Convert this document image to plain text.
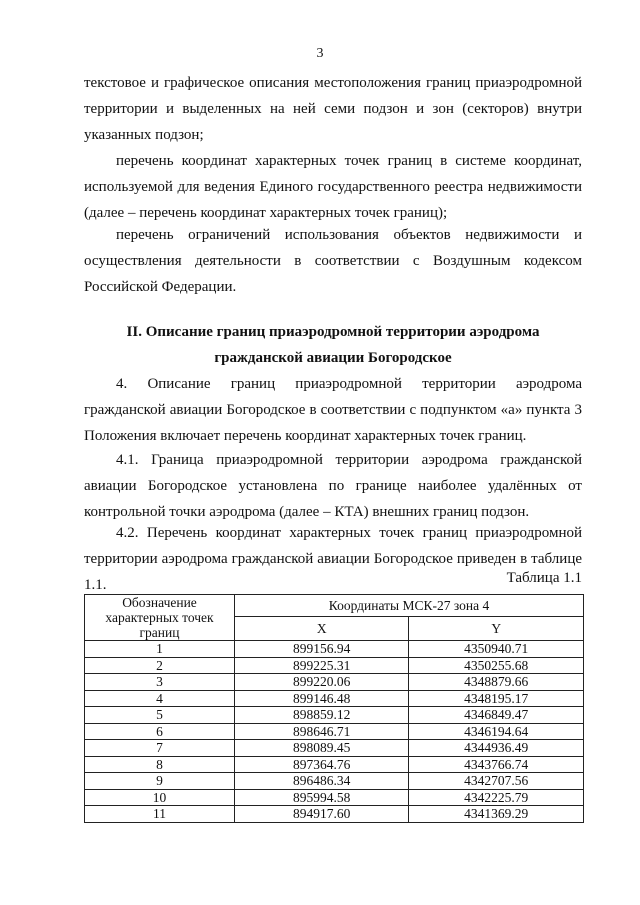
3

текстовое и графическое описания местоположения границ приаэродромной территории и выделенных на ней семи подзон и зон (секторов) внутри указанных подзон;

перечень координат характерных точек границ в системе координат, используемой для ведения Единого государственного реестра недвижимости (далее – перечень координат характерных точек границ);

перечень ограничений использования объектов недвижимости и осуществления деятельности в соответствии с Воздушным кодексом Российской Федерации.

II. Описание границ приаэродромной территории аэродрома
гражданской авиации Богородское

4. Описание границ приаэродромной территории аэродрома гражданской авиации Богородское в соответствии с подпунктом «а» пункта 3 Положения включает перечень координат характерных точек границ.

4.1. Граница приаэродромной территории аэродрома гражданской авиации Богородское установлена по границе наиболее удалённых от контрольной точки аэродрома (далее – КТА) внешних границ подзон.

4.2. Перечень координат характерных точек границ приаэродромной территории аэродрома гражданской авиации Богородское приведен в таблице 1.1.	Таблица 1.1
Обозначение характерных точек границ	Координаты МСК-27 зона 4	
	X	Y
1	899156.94	4350940.71
2	899225.31	4350255.68
3	899220.06	4348879.66
4	899146.48	4348195.17
5	898859.12	4346849.47
6	898646.71	4346194.64
7	898089.45	4344936.49
8	897364.76	4343766.74
9	896486.34	4342707.56
10	895994.58	4342225.79
11	894917.60	4341369.29
